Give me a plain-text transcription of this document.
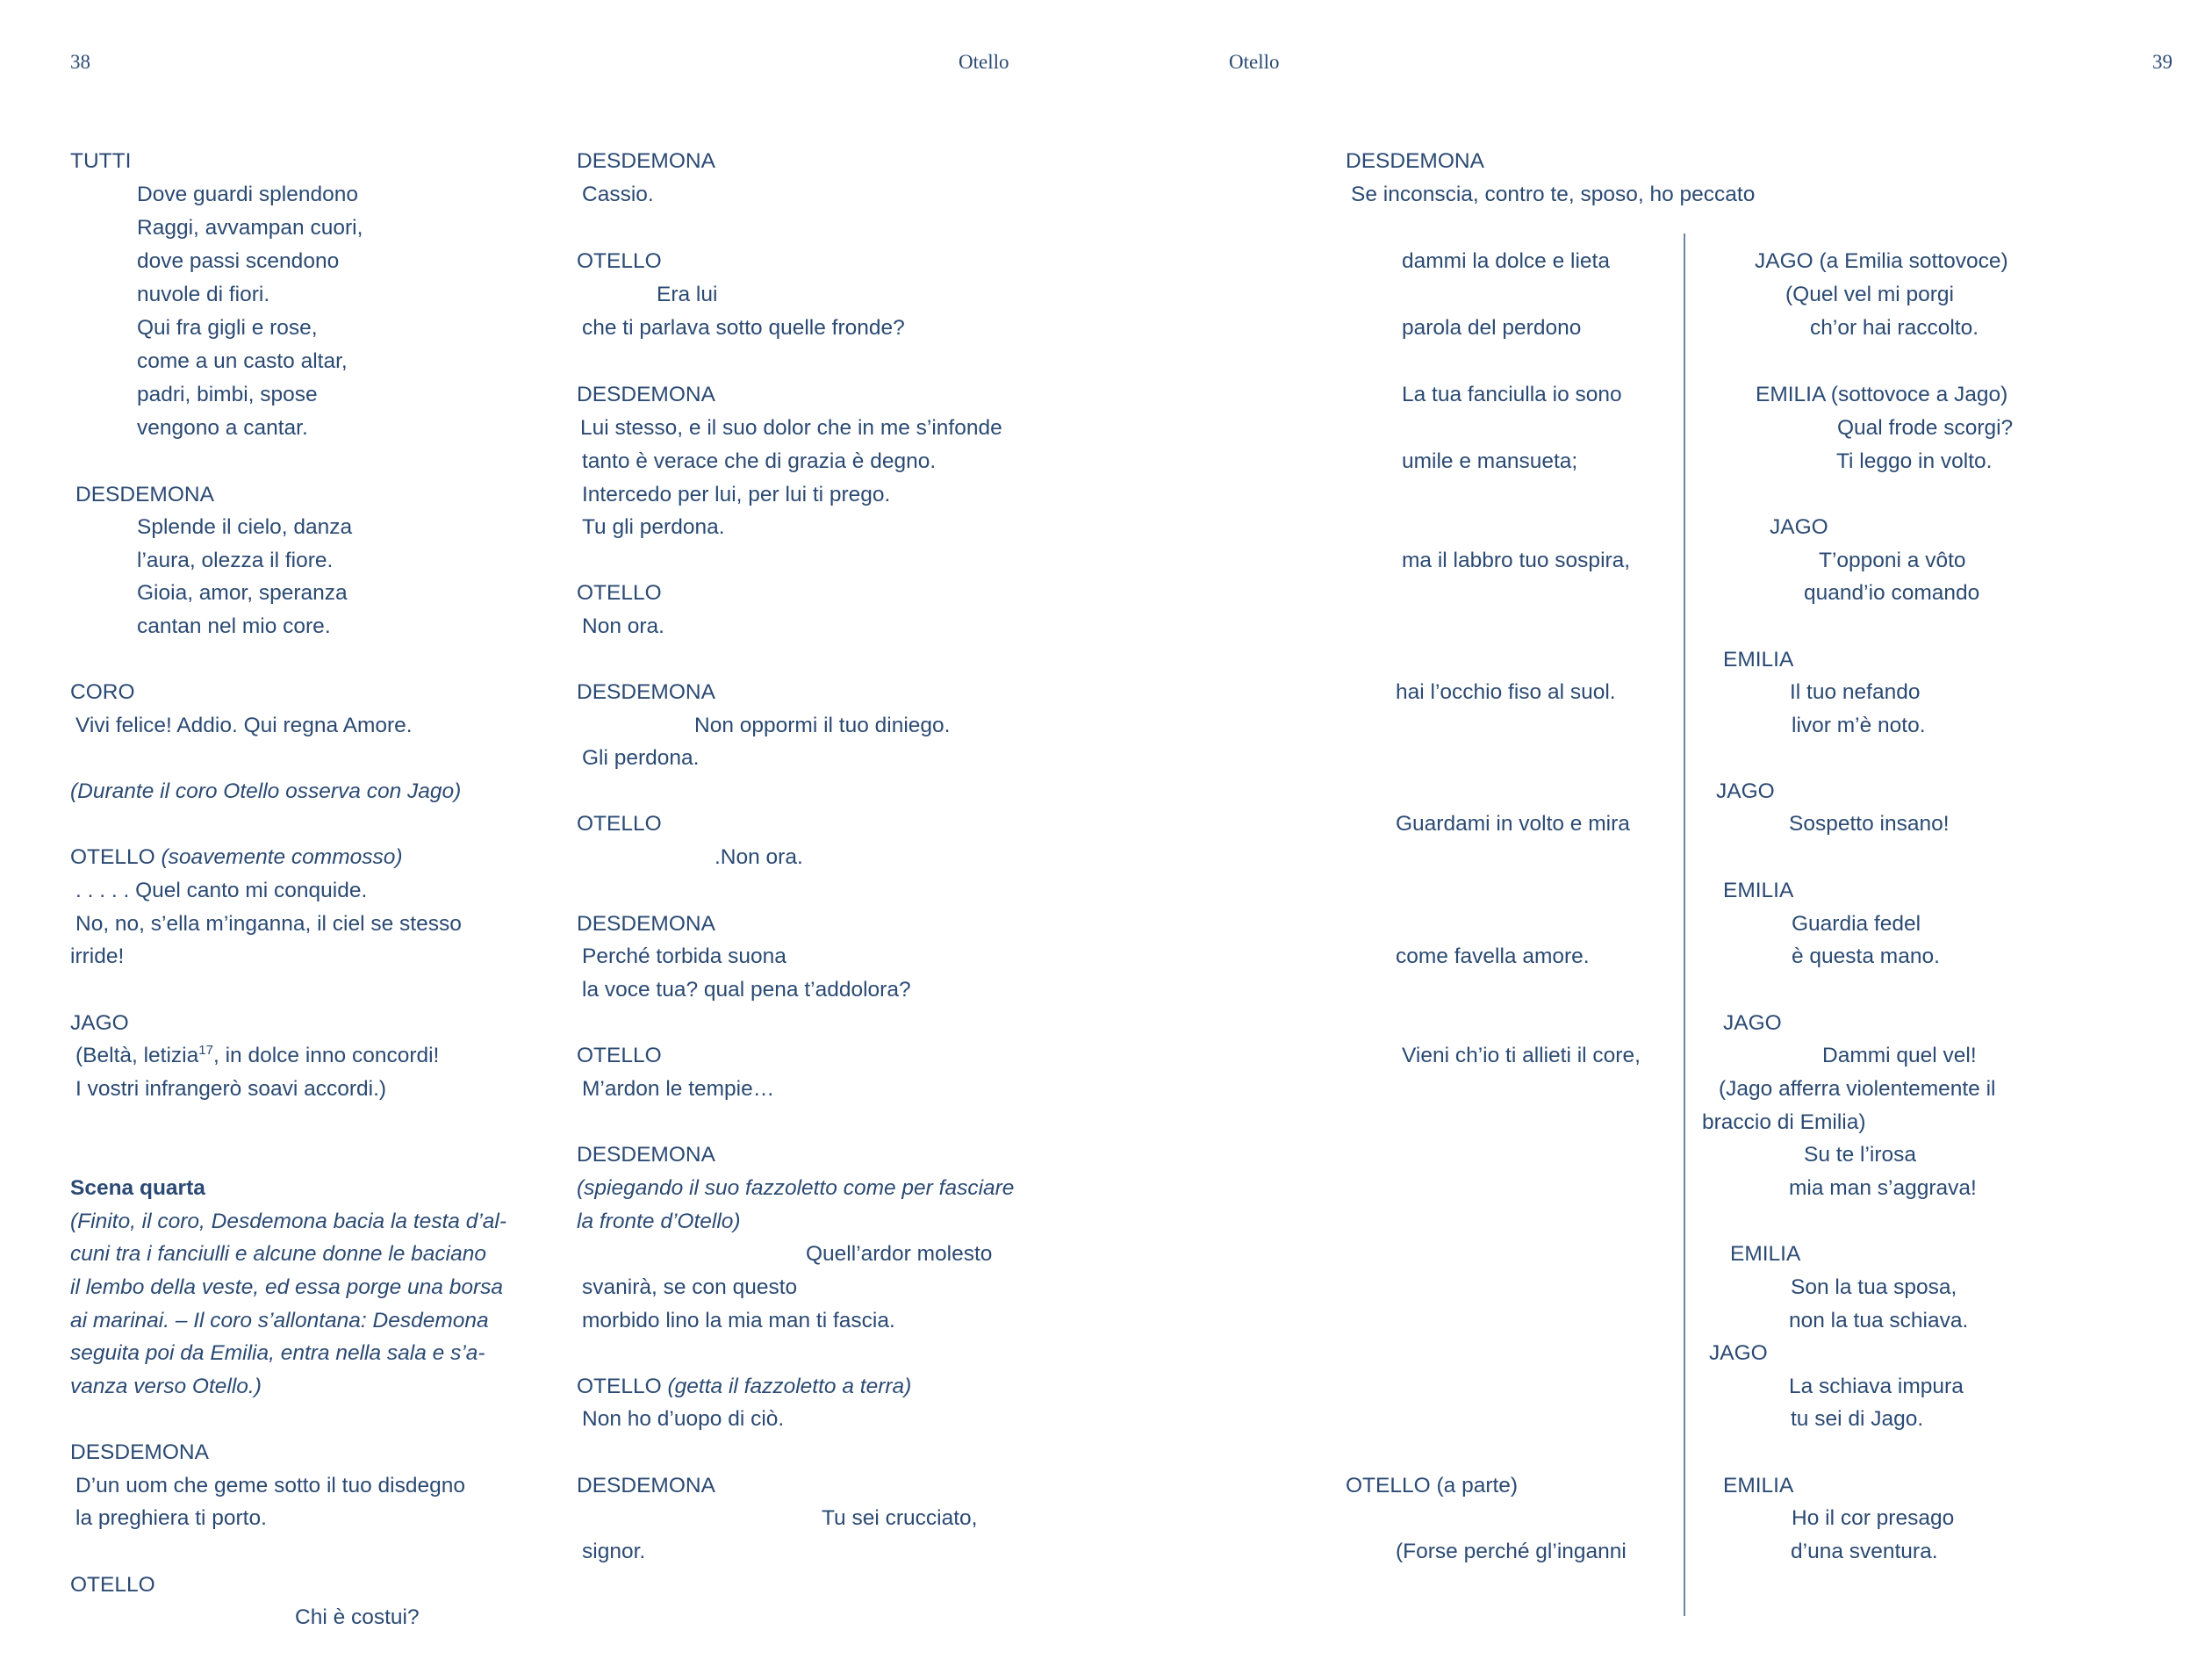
38	Otello	Otello	39
TUTTI
Dove guardi splendono
Raggi, avvampan cuori,
dove passi scendono
nuvole di fiori.
Qui fra gigli e rose,
come a un casto altar,
padri, bimbi, spose
vengono a cantar.
DESDEMONA
Splende il cielo, danza
l’aura, olezza il fiore.
Gioia, amor, speranza
cantan nel mio core.
CORO
Vivi felice! Addio. Qui regna Amore.
(Durante il coro Otello osserva con Jago)
OTELLO (soavemente commosso)
. . . . . Quel canto mi conquide.
No, no, s’ella m’inganna, il ciel se stesso
irride!
JAGO
(Beltà, letizia$^{17}$, in dolce inno concordi!
I vostri infrangerò soavi accordi.)
Scena quarta
(Finito, il coro, Desdemona bacia la testa d’al-
cuni tra i fanciulli e alcune donne le baciano
il lembo della veste, ed essa porge una borsa
ai marinai. – Il coro s’allontana: Desdemona
seguita poi da Emilia, entra nella sala e s’a-
vanza verso Otello.)
DESDEMONA
D’un uom che geme sotto il tuo disdegno
la preghiera ti porto.
OTELLO
Chi è costui?
DESDEMONA
Cassio.
OTELLO
Era lui
che ti parlava sotto quelle fronde?
DESDEMONA
Lui stesso, e il suo dolor che in me s’infonde
tanto è verace che di grazia è degno.
Intercedo per lui, per lui ti prego.
Tu gli perdona.
OTELLO
Non ora.
DESDEMONA
Non oppormi il tuo diniego.
Gli perdona.
OTELLO
.Non ora.
DESDEMONA
Perché torbida suona
la voce tua? qual pena t’addolora?
OTELLO
M’ardon le tempie…
DESDEMONA
(spiegando il suo fazzoletto come per fasciare
la fronte d’Otello)
Quell’ardor molesto
svanirà, se con questo
morbido lino la mia man ti fascia.
OTELLO (getta il fazzoletto a terra)
Non ho d’uopo di ciò.
DESDEMONA
Tu sei crucciato,
signor.
DESDEMONA
Se inconscia, contro te, sposo, ho peccato
dammi la dolce e lieta
parola del perdono
La tua fanciulla io sono
umile e mansueta;
ma il labbro tuo sospira,
hai l’occhio fiso al suol.
Guardami in volto e mira
come favella amore.
Vieni ch’io ti allieti il core,
OTELLO (a parte)
(Forse perché gl’inganni
JAGO (a Emilia sottovoce)
(Quel vel mi porgi
ch’or hai raccolto.
EMILIA (sottovoce a Jago)
Qual frode scorgi?
Ti leggo in volto.
JAGO
T’opponi a vôto
quand’io comando
EMILIA
Il tuo nefando
livor m’è noto.
JAGO
Sospetto insano!
EMILIA
Guardia fedel
è questa mano.
JAGO
Dammi quel vel!
(Jago afferra violentemente il
braccio di Emilia)
Su te l’irosa
mia man s’aggrava!
EMILIA
Son la tua sposa,
non la tua schiava.
JAGO
La schiava impura
tu sei di Jago.
EMILIA
Ho il cor presago
d’una sventura.
